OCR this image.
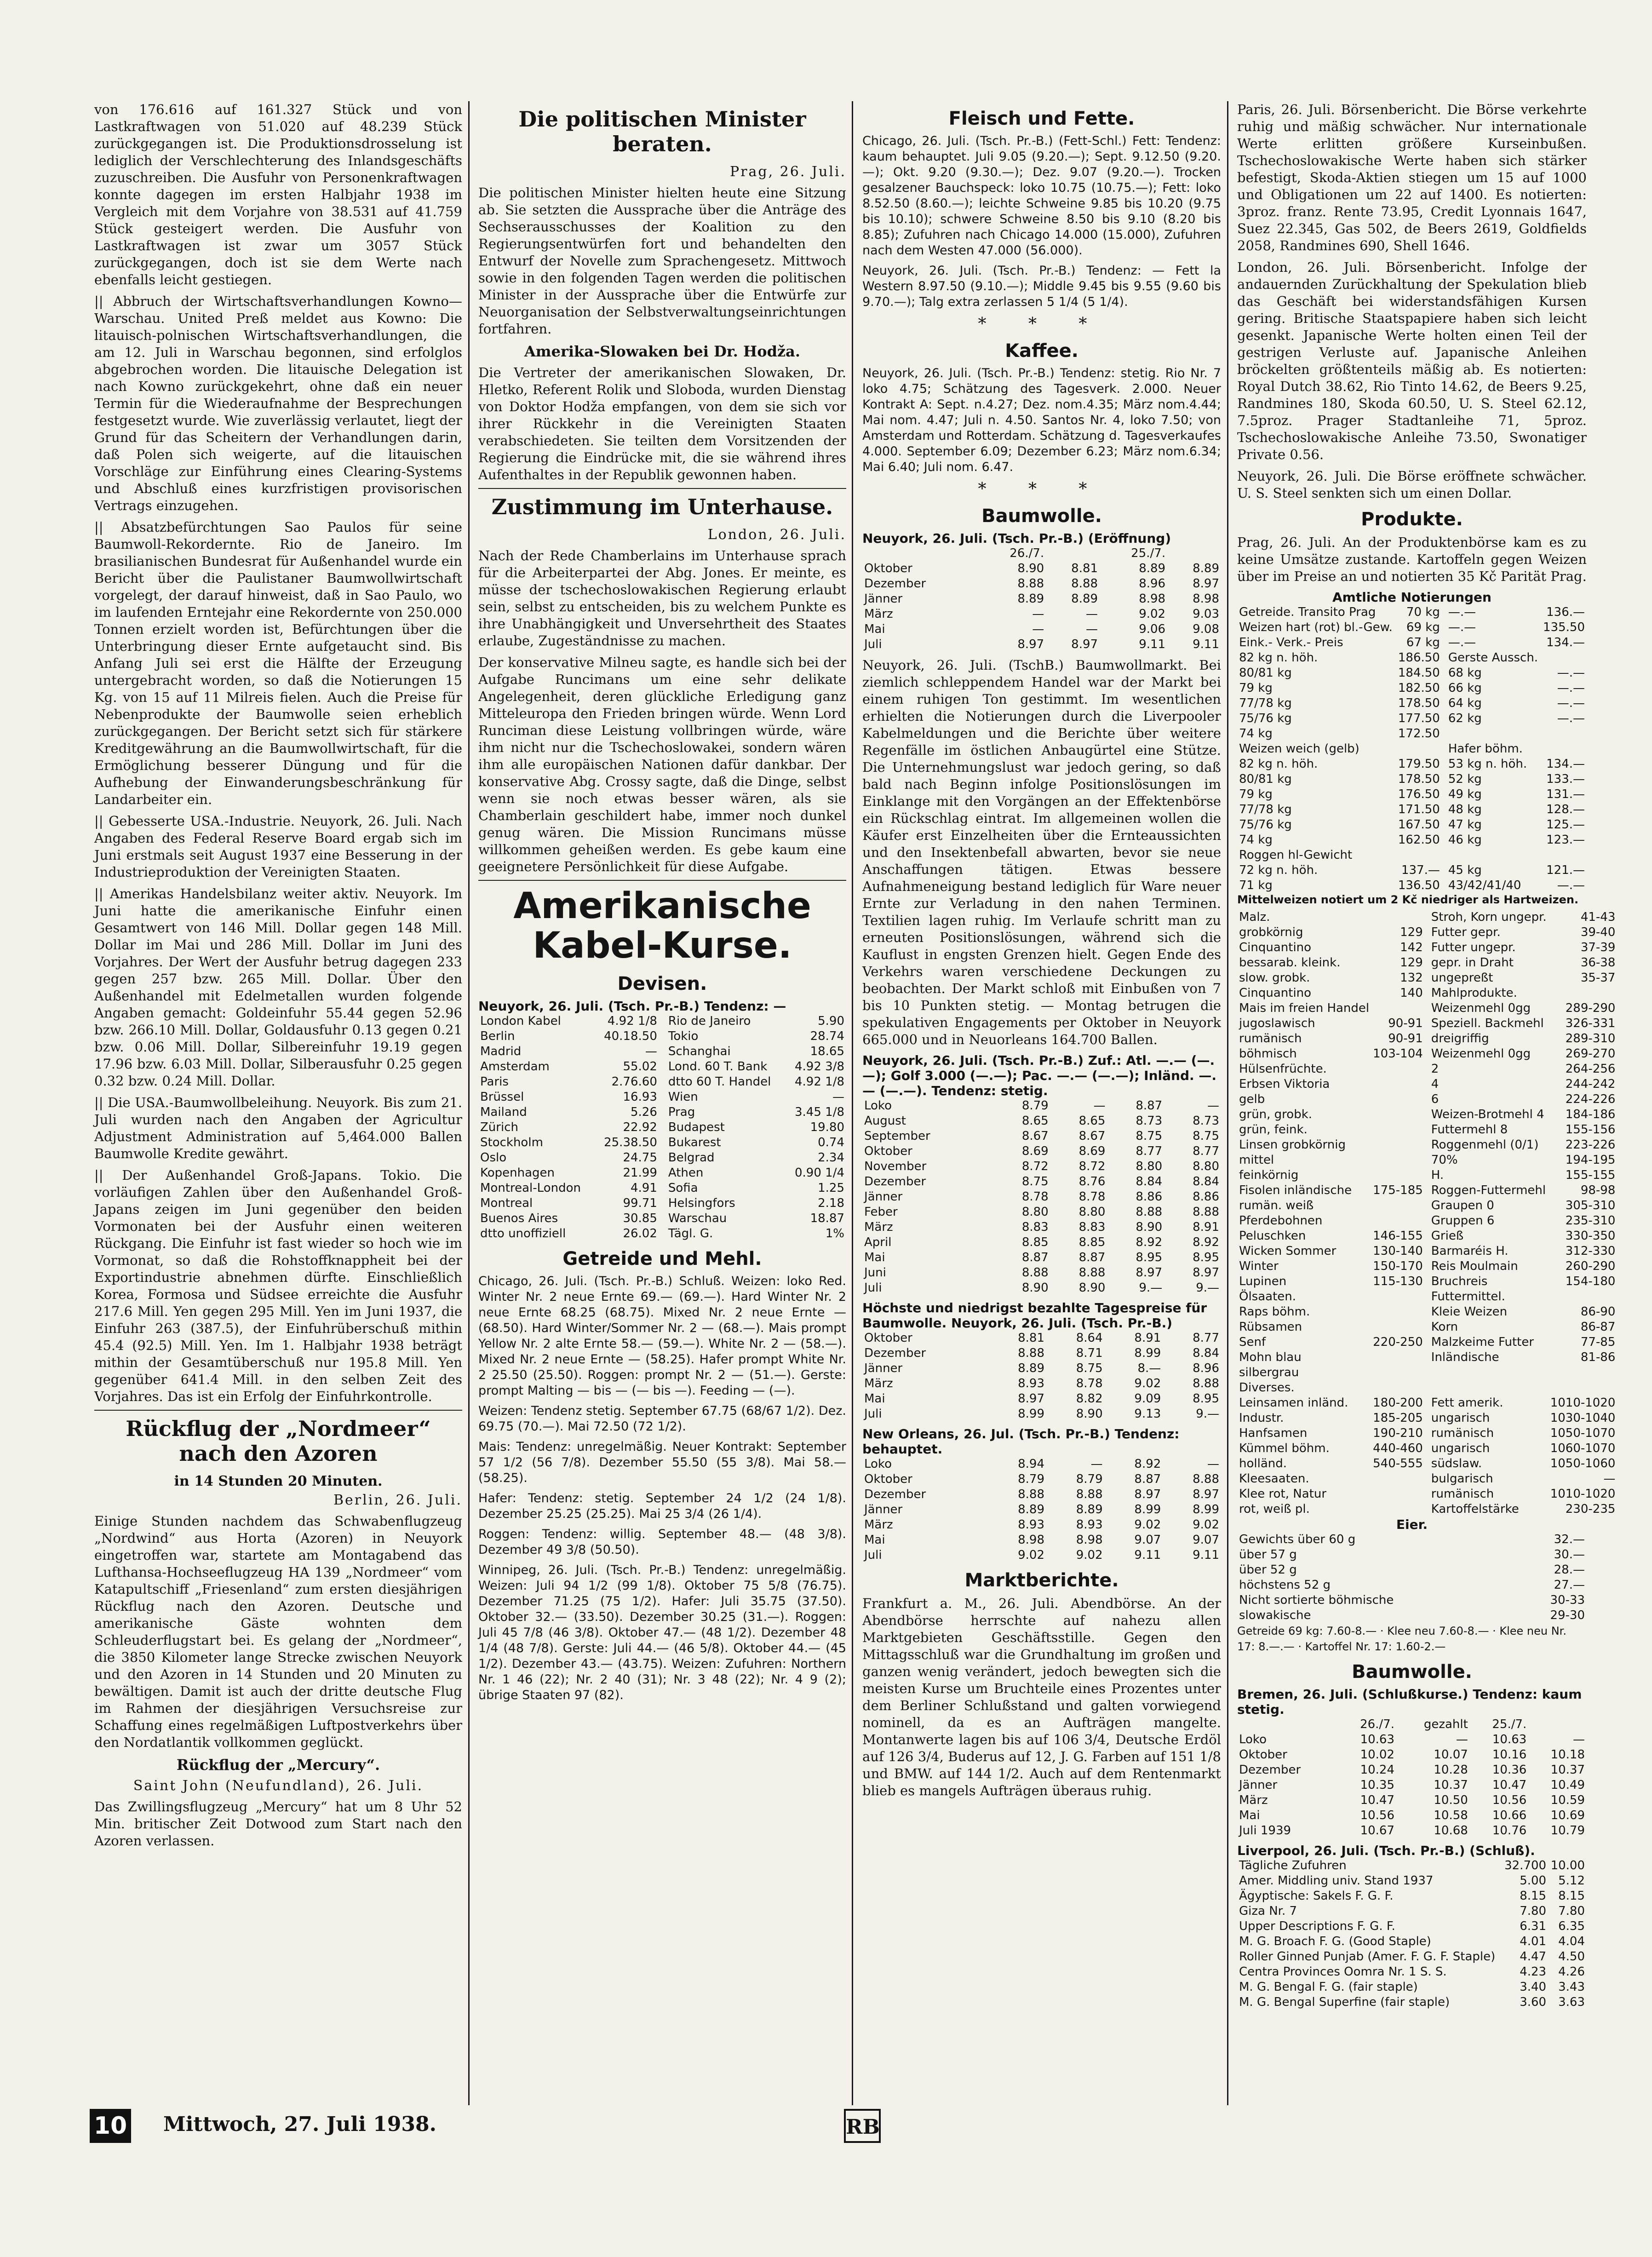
von 176.616 auf 161.327 Stück und von Lastkraftwagen von 51.020 auf 48.239 Stück zurückgegangen ist. Die Produktionsdrosselung ist lediglich der Verschlechterung des Inlandsgeschäfts zuzuschreiben. Die Ausfuhr von Personenkraftwagen konnte dagegen im ersten Halbjahr 1938 im Vergleich mit dem Vorjahre von 38.531 auf 41.759 Stück gesteigert werden. Die Ausfuhr von Lastkraftwagen ist zwar um 3057 Stück zurückgegangen, doch ist sie dem Werte nach ebenfalls leicht gestiegen.

|| Abbruch der Wirtschaftsverhandlungen Kowno—Warschau. United Preß meldet aus Kowno: Die litauisch-polnischen Wirtschaftsverhandlungen, die am 12. Juli in Warschau begonnen, sind erfolglos abgebrochen worden. Die litauische Delegation ist nach Kowno zurückgekehrt, ohne daß ein neuer Termin für die Wiederaufnahme der Besprechungen festgesetzt wurde. Wie zuverlässig verlautet, liegt der Grund für das Scheitern der Verhandlungen darin, daß Polen sich weigerte, auf die litauischen Vorschläge zur Einführung eines Clearing-Systems und Abschluß eines kurzfristigen provisorischen Vertrags einzugehen.

|| Absatzbefürchtungen Sao Paulos für seine Baumwoll-Rekordernte. Rio de Janeiro. Im brasilianischen Bundesrat für Außenhandel wurde ein Bericht über die Paulistaner Baumwollwirtschaft vorgelegt, der darauf hinweist, daß in Sao Paulo, wo im laufenden Erntejahr eine Rekordernte von 250.000 Tonnen erzielt worden ist, Befürchtungen über die Unterbringung dieser Ernte aufgetaucht sind. Bis Anfang Juli sei erst die Hälfte der Erzeugung untergebracht worden, so daß die Notierungen 15 Kg. von 15 auf 11 Milreis fielen. Auch die Preise für Nebenprodukte der Baumwolle seien erheblich zurückgegangen. Der Bericht setzt sich für stärkere Kreditgewährung an die Baumwollwirtschaft, für die Ermöglichung besserer Düngung und für die Aufhebung der Einwanderungsbeschränkung für Landarbeiter ein.

|| Gebesserte USA.-Industrie. Neuyork, 26. Juli. Nach Angaben des Federal Reserve Board ergab sich im Juni erstmals seit August 1937 eine Besserung in der Industrieproduktion der Vereinigten Staaten.

|| Amerikas Handelsbilanz weiter aktiv. Neuyork. Im Juni hatte die amerikanische Einfuhr einen Gesamtwert von 146 Mill. Dollar gegen 148 Mill. Dollar im Mai und 286 Mill. Dollar im Juni des Vorjahres. Der Wert der Ausfuhr betrug dagegen 233 gegen 257 bzw. 265 Mill. Dollar. Über den Außenhandel mit Edelmetallen wurden folgende Angaben gemacht: Goldeinfuhr 55.44 gegen 52.96 bzw. 266.10 Mill. Dollar, Goldausfuhr 0.13 gegen 0.21 bzw. 0.06 Mill. Dollar, Silbereinfuhr 19.19 gegen 17.96 bzw. 6.03 Mill. Dollar, Silberausfuhr 0.25 gegen 0.32 bzw. 0.24 Mill. Dollar.

|| Die USA.-Baumwollbeleihung. Neuyork. Bis zum 21. Juli wurden nach den Angaben der Agricultur Adjustment Administration auf 5,464.000 Ballen Baumwolle Kredite gewährt.

|| Der Außenhandel Groß-Japans. Tokio. Die vorläufigen Zahlen über den Außenhandel Groß-Japans zeigen im Juni gegenüber den beiden Vormonaten bei der Ausfuhr einen weiteren Rückgang. Die Einfuhr ist fast wieder so hoch wie im Vormonat, so daß die Rohstoffknappheit bei der Exportindustrie abnehmen dürfte. Einschließlich Korea, Formosa und Südsee erreichte die Ausfuhr 217.6 Mill. Yen gegen 295 Mill. Yen im Juni 1937, die Einfuhr 263 (387.5), der Einfuhrüberschuß mithin 45.4 (92.5) Mill. Yen. Im 1. Halbjahr 1938 beträgt mithin der Gesamtüberschuß nur 195.8 Mill. Yen gegenüber 641.4 Mill. in den selben Zeit des Vorjahres. Das ist ein Erfolg der Einfuhrkontrolle.

Rückflug der „Nordmeer“ nach den Azoren
in 14 Stunden 20 Minuten.
Berlin, 26. Juli.

Einige Stunden nachdem das Schwabenflugzeug „Nordwind“ aus Horta (Azoren) in Neuyork eingetroffen war, startete am Montagabend das Lufthansa-Hochseeflugzeug HA 139 „Nordmeer“ vom Katapultschiff „Friesenland“ zum ersten diesjährigen Rückflug nach den Azoren. Deutsche und amerikanische Gäste wohnten dem Schleuderflugstart bei. Es gelang der „Nordmeer“, die 3850 Kilometer lange Strecke zwischen Neuyork und den Azoren in 14 Stunden und 20 Minuten zu bewältigen. Damit ist auch der dritte deutsche Flug im Rahmen der diesjährigen Versuchsreise zur Schaffung eines regelmäßigen Luftpostverkehrs über den Nordatlantik vollkommen geglückt.

Rückflug der „Mercury“.
Saint John (Neufundland), 26. Juli.

Das Zwillingsflugzeug „Mercury“ hat um 8 Uhr 52 Min. britischer Zeit Dotwood zum Start nach den Azoren verlassen.

Die politischen Minister beraten.
Prag, 26. Juli.

Die politischen Minister hielten heute eine Sitzung ab. Sie setzten die Aussprache über die Anträge des Sechserausschusses der Koalition zu den Regierungsentwürfen fort und behandelten den Entwurf der Novelle zum Sprachengesetz. Mittwoch sowie in den folgenden Tagen werden die politischen Minister in der Aussprache über die Entwürfe zur Neuorganisation der Selbstverwaltungseinrichtungen fortfahren.

Amerika-Slowaken bei Dr. Hodža.

Die Vertreter der amerikanischen Slowaken, Dr. Hletko, Referent Rolik und Sloboda, wurden Dienstag von Doktor Hodža empfangen, von dem sie sich vor ihrer Rückkehr in die Vereinigten Staaten verabschiedeten. Sie teilten dem Vorsitzenden der Regierung die Eindrücke mit, die sie während ihres Aufenthaltes in der Republik gewonnen haben.

Zustimmung im Unterhause.
London, 26. Juli.

Nach der Rede Chamberlains im Unterhause sprach für die Arbeiterpartei der Abg. Jones. Er meinte, es müsse der tschechoslowakischen Regierung erlaubt sein, selbst zu entscheiden, bis zu welchem Punkte es ihre Unabhängigkeit und Unversehrtheit des Staates erlaube, Zugeständnisse zu machen.

Der konservative Milneu sagte, es handle sich bei der Aufgabe Runcimans um eine sehr delikate Angelegenheit, deren glückliche Erledigung ganz Mitteleuropa den Frieden bringen würde. Wenn Lord Runciman diese Leistung vollbringen würde, wäre ihm nicht nur die Tschechoslowakei, sondern wären ihm alle europäischen Nationen dafür dankbar. Der konservative Abg. Crossy sagte, daß die Dinge, selbst wenn sie noch etwas besser wären, als sie Chamberlain geschildert habe, immer noch dunkel genug wären. Die Mission Runcimans müsse willkommen geheißen werden. Es gebe kaum eine geeignetere Persönlichkeit für diese Aufgabe.

Amerikanische Kabel-Kurse.
Devisen.
Neuyork, 26. Juli. (Tsch. Pr.-B.) Tendenz: —
London Kabel	4.92 1/8	Rio de Janeiro	5.90
Berlin	40.18.50	Tokio	28.74
Madrid	—	Schanghai	18.65
Amsterdam	55.02	Lond. 60 T. Bank	4.92 3/8
Paris	2.76.60	dtto 60 T. Handel	4.92 1/8
Brüssel	16.93	Wien	—
Mailand	5.26	Prag	3.45 1/8
Zürich	22.92	Budapest	19.80
Stockholm	25.38.50	Bukarest	0.74
Oslo	24.75	Belgrad	2.34
Kopenhagen	21.99	Athen	0.90 1/4
Montreal-London	4.91	Sofia	1.25
Montreal	99.71	Helsingfors	2.18
Buenos Aires	30.85	Warschau	18.87
dtto unoffiziell	26.02	Tägl. G.	1%
Getreide und Mehl.

Chicago, 26. Juli. (Tsch. Pr.-B.) Schluß. Weizen: loko Red. Winter Nr. 2 neue Ernte 69.— (69.—). Hard Winter Nr. 2 neue Ernte 68.25 (68.75). Mixed Nr. 2 neue Ernte — (68.50). Hard Winter/Sommer Nr. 2 — (68.—). Mais prompt Yellow Nr. 2 alte Ernte 58.— (59.—). White Nr. 2 — (58.—). Mixed Nr. 2 neue Ernte — (58.25). Hafer prompt White Nr. 2 25.50 (25.50). Roggen: prompt Nr. 2 — (51.—). Gerste: prompt Malting — bis — (— bis —). Feeding — (—).

Weizen: Tendenz stetig. September 67.75 (68/67 1/2). Dez. 69.75 (70.—). Mai 72.50 (72 1/2).

Mais: Tendenz: unregelmäßig. Neuer Kontrakt: September 57 1/2 (56 7/8). Dezember 55.50 (55 3/8). Mai 58.— (58.25).

Hafer: Tendenz: stetig. September 24 1/2 (24 1/8). Dezember 25.25 (25.25). Mai 25 3/4 (26 1/4).

Roggen: Tendenz: willig. September 48.— (48 3/8). Dezember 49 3/8 (50.50).

Winnipeg, 26. Juli. (Tsch. Pr.-B.) Tendenz: unregelmäßig. Weizen: Juli 94 1/2 (99 1/8). Oktober 75 5/8 (76.75). Dezember 71.25 (75 1/2). Hafer: Juli 35.75 (37.50). Oktober 32.— (33.50). Dezember 30.25 (31.—). Roggen: Juli 45 7/8 (46 3/8). Oktober 47.— (48 1/2). Dezember 48 1/4 (48 7/8). Gerste: Juli 44.— (46 5/8). Oktober 44.— (45 1/2). Dezember 43.— (43.75). Weizen: Zufuhren: Northern Nr. 1 46 (22); Nr. 2 40 (31); Nr. 3 48 (22); Nr. 4 9 (2); übrige Staaten 97 (82).

Fleisch und Fette.

Chicago, 26. Juli. (Tsch. Pr.-B.) (Fett-Schl.) Fett: Tendenz: kaum behauptet. Juli 9.05 (9.20.—); Sept. 9.12.50 (9.20.—); Okt. 9.20 (9.30.—); Dez. 9.07 (9.20.—). Trocken gesalzener Bauchspeck: loko 10.75 (10.75.—); Fett: loko 8.52.50 (8.60.—); leichte Schweine 9.85 bis 10.20 (9.75 bis 10.10); schwere Schweine 8.50 bis 9.10 (8.20 bis 8.85); Zufuhren nach Chicago 14.000 (15.000), Zufuhren nach dem Westen 47.000 (56.000).

Neuyork, 26. Juli. (Tsch. Pr.-B.) Tendenz: — Fett la Western 8.97.50 (9.10.—); Middle 9.45 bis 9.55 (9.60 bis 9.70.—); Talg extra zerlassen 5 1/4 (5 1/4).

* * *
Kaffee.

Neuyork, 26. Juli. (Tsch. Pr.-B.) Tendenz: stetig. Rio Nr. 7 loko 4.75; Schätzung des Tagesverk. 2.000. Neuer Kontrakt A: Sept. n.4.27; Dez. nom.4.35; März nom.4.44; Mai nom. 4.47; Juli n. 4.50. Santos Nr. 4, loko 7.50; von Amsterdam und Rotterdam. Schätzung d. Tagesverkaufes 4.000. September 6.09; Dezember 6.23; März nom.6.34; Mai 6.40; Juli nom. 6.47.

* * *
Baumwolle.
Neuyork, 26. Juli. (Tsch. Pr.-B.) (Eröffnung)
	26./7.		25./7.	
Oktober	8.90	8.81	8.89	8.89
Dezember	8.88	8.88	8.96	8.97
Jänner	8.89	8.89	8.98	8.98
März	—	—	9.02	9.03
Mai	—	—	9.06	9.08
Juli	8.97	8.97	9.11	9.11

Neuyork, 26. Juli. (TschB.) Baumwollmarkt. Bei ziemlich schleppendem Handel war der Markt bei einem ruhigen Ton gestimmt. Im wesentlichen erhielten die Notierungen durch die Liverpooler Kabelmeldungen und die Berichte über weitere Regenfälle im östlichen Anbaugürtel eine Stütze. Die Unternehmungslust war jedoch gering, so daß bald nach Beginn infolge Positionslösungen im Einklange mit den Vorgängen an der Effektenbörse ein Rückschlag eintrat. Im allgemeinen wollen die Käufer erst Einzelheiten über die Ernteaussichten und den Insektenbefall abwarten, bevor sie neue Anschaffungen tätigen. Etwas bessere Aufnahmeneigung bestand lediglich für Ware neuer Ernte zur Verladung in den nahen Terminen. Textilien lagen ruhig. Im Verlaufe schritt man zu erneuten Positionslösungen, während sich die Kauflust in engsten Grenzen hielt. Gegen Ende des Verkehrs waren verschiedene Deckungen zu beobachten. Der Markt schloß mit Einbußen von 7 bis 10 Punkten stetig. — Montag betrugen die spekulativen Engagements per Oktober in Neuyork 665.000 und in Neuorleans 164.700 Ballen.

Neuyork, 26. Juli. (Tsch. Pr.-B.) Zuf.: Atl. —.— (—.—); Golf 3.000 (—.—); Pac. —.— (—.—); Inländ. —.— (—.—). Tendenz: stetig.
Loko	8.79	—	8.87	—
August	8.65	8.65	8.73	8.73
September	8.67	8.67	8.75	8.75
Oktober	8.69	8.69	8.77	8.77
November	8.72	8.72	8.80	8.80
Dezember	8.75	8.76	8.84	8.84
Jänner	8.78	8.78	8.86	8.86
Feber	8.80	8.80	8.88	8.88
März	8.83	8.83	8.90	8.91
April	8.85	8.85	8.92	8.92
Mai	8.87	8.87	8.95	8.95
Juni	8.88	8.88	8.97	8.97
Juli	8.90	8.90	9.—	9.—
Höchste und niedrigst bezahlte Tagespreise für Baumwolle. Neuyork, 26. Juli. (Tsch. Pr.-B.)
Oktober	8.81	8.64	8.91	8.77
Dezember	8.88	8.71	8.99	8.84
Jänner	8.89	8.75	8.—	8.96
März	8.93	8.78	9.02	8.88
Mai	8.97	8.82	9.09	8.95
Juli	8.99	8.90	9.13	9.—
New Orleans, 26. Jul. (Tsch. Pr.-B.) Tendenz: behauptet.
Loko	8.94	—	8.92	—
Oktober	8.79	8.79	8.87	8.88
Dezember	8.88	8.88	8.97	8.97
Jänner	8.89	8.89	8.99	8.99
März	8.93	8.93	9.02	9.02
Mai	8.98	8.98	9.07	9.07
Juli	9.02	9.02	9.11	9.11
Marktberichte.

Frankfurt a. M., 26. Juli. Abendbörse. An der Abendbörse herrschte auf nahezu allen Marktgebieten Geschäftsstille. Gegen den Mittagsschluß war die Grundhaltung im großen und ganzen wenig verändert, jedoch bewegten sich die meisten Kurse um Bruchteile eines Prozentes unter dem Berliner Schlußstand und galten vorwiegend nominell, da es an Aufträgen mangelte. Montanwerte lagen bis auf 106 3/4, Deutsche Erdöl auf 126 3/4, Buderus auf 12, J. G. Farben auf 151 1/8 und BMW. auf 144 1/2. Auch auf dem Rentenmarkt blieb es mangels Aufträgen überaus ruhig.

Paris, 26. Juli. Börsenbericht. Die Börse verkehrte ruhig und mäßig schwächer. Nur internationale Werte erlitten größere Kurseinbußen. Tschechoslowakische Werte haben sich stärker befestigt, Skoda-Aktien stiegen um 15 auf 1000 und Obligationen um 22 auf 1400. Es notierten: 3proz. franz. Rente 73.95, Credit Lyonnais 1647, Suez 22.345, Gas 502, de Beers 2619, Goldfields 2058, Randmines 690, Shell 1646.

London, 26. Juli. Börsenbericht. Infolge der andauernden Zurückhaltung der Spekulation blieb das Geschäft bei widerstandsfähigen Kursen gering. Britische Staatspapiere haben sich leicht gesenkt. Japanische Werte holten einen Teil der gestrigen Verluste auf. Japanische Anleihen bröckelten größtenteils mäßig ab. Es notierten: Royal Dutch 38.62, Rio Tinto 14.62, de Beers 9.25, Randmines 180, Skoda 60.50, U. S. Steel 62.12, 7.5proz. Prager Stadtanleihe 71, 5proz. Tschechoslowakische Anleihe 73.50, Swonatiger Private 0.56.

Neuyork, 26. Juli. Die Börse eröffnete schwächer. U. S. Steel senkten sich um einen Dollar.

Produkte.

Prag, 26. Juli. An der Produktenbörse kam es zu keine Umsätze zustande. Kartoffeln gegen Weizen über im Preise an und notierten 35 Kč Parität Prag.

Amtliche Notierungen
Getreide. Transito Prag	70 kg	—.—	136.—
Weizen hart (rot) bl.-Gew.	69 kg	—.—	135.50
Eink.- Verk.- Preis	67 kg	—.—	134.—
82 kg n. höh.	186.50	Gerste Aussch.	
80/81 kg	184.50	68 kg	—.—
79 kg	182.50	66 kg	—.—
77/78 kg	178.50	64 kg	—.—
75/76 kg	177.50	62 kg	—.—
74 kg	172.50		
Weizen weich (gelb)		Hafer böhm.	
82 kg n. höh.	179.50	53 kg n. höh.	134.—
80/81 kg	178.50	52 kg	133.—
79 kg	176.50	49 kg	131.—
77/78 kg	171.50	48 kg	128.—
75/76 kg	167.50	47 kg	125.—
74 kg	162.50	46 kg	123.—
Roggen hl-Gewicht			
72 kg n. höh.	137.—	45 kg	121.—
71 kg	136.50	43/42/41/40	—.—
Mittelweizen notiert um 2 Kč niedriger als Hartweizen.
Malz.		Stroh, Korn ungepr.	41-43
grobkörnig	129	Futter gepr.	39-40
Cinquantino	142	Futter ungepr.	37-39
bessarab. kleink.	129	gepr. in Draht	36-38
slow. grobk.	132	ungepreßt	35-37
Cinquantino	140	Mahlprodukte.	
Mais im freien Handel		Weizenmehl 0gg	289-290
jugoslawisch	90-91	Speziell. Backmehl	326-331
rumänisch	90-91	dreigriffig	289-310
böhmisch	103-104	Weizenmehl 0gg	269-270
Hülsenfrüchte.		2	264-256
Erbsen Viktoria		4	244-242
gelb		6	224-226
grün, grobk.		Weizen-Brotmehl 4	184-186
grün, feink.		Futtermehl 8	155-156
Linsen grobkörnig		Roggenmehl (0/1)	223-226
mittel		70%	194-195
feinkörnig		H.	155-155
Fisolen inländische	175-185	Roggen-Futtermehl	98-98
rumän. weiß		Graupen 0	305-310
Pferdebohnen		Gruppen 6	235-310
Peluschken	146-155	Grieß	330-350
Wicken Sommer	130-140	Barmaréis H.	312-330
Winter	150-170	Reis Moulmain	260-290
Lupinen	115-130	Bruchreis	154-180
Ölsaaten.		Futtermittel.	
Raps böhm.		Kleie Weizen	86-90
Rübsamen		Korn	86-87
Senf	220-250	Malzkeime Futter	77-85
Mohn blau		Inländische	81-86
silbergrau			
Diverses.			
Leinsamen inländ.	180-200	Fett amerik.	1010-1020
Industr.	185-205	ungarisch	1030-1040
Hanfsamen	190-210	rumänisch	1050-1070
Kümmel böhm.	440-460	ungarisch	1060-1070
holländ.	540-555	südslaw.	1050-1060
Kleesaaten.		bulgarisch	—
Klee rot, Natur		rumänisch	1010-1020
rot, weiß pl.		Kartoffelstärke	230-235
Eier.
Gewichts über 60 g	32.—
über 57 g	30.—
über 52 g	28.—
höchstens 52 g	27.—
Nicht sortierte böhmische	30-33
slowakische	29-30
Getreide 69 kg: 7.60-8.— · Klee neu 7.60-8.— · Klee neu Nr. 17: 8.—.— · Kartoffel Nr. 17: 1.60-2.—
Baumwolle.
Bremen, 26. Juli. (Schlußkurse.) Tendenz: kaum stetig.
	26./7.	gezahlt	25./7.	
Loko	10.63	—	10.63	—
Oktober	10.02	10.07	10.16	10.18
Dezember	10.24	10.28	10.36	10.37
Jänner	10.35	10.37	10.47	10.49
März	10.47	10.50	10.56	10.59
Mai	10.56	10.58	10.66	10.69
Juli 1939	10.67	10.68	10.76	10.79
Liverpool, 26. Juli. (Tsch. Pr.-B.) (Schluß).
Tägliche Zufuhren	32.700	10.00
Amer. Middling univ. Stand 1937	5.00	5.12
Ägyptische: Sakels F. G. F.	8.15	8.15
Giza Nr. 7	7.80	7.80
Upper Descriptions F. G. F.	6.31	6.35
M. G. Broach F. G. (Good Staple)	4.01	4.04
Roller Ginned Punjab (Amer. F. G. F. Staple)	4.47	4.50
Centra Provinces Oomra Nr. 1 S. S.	4.23	4.26
M. G. Bengal F. G. (fair staple)	3.40	3.43
M. G. Bengal Superfine (fair staple)	3.60	3.63
10 Mittwoch, 27. Juli 1938.	RB
